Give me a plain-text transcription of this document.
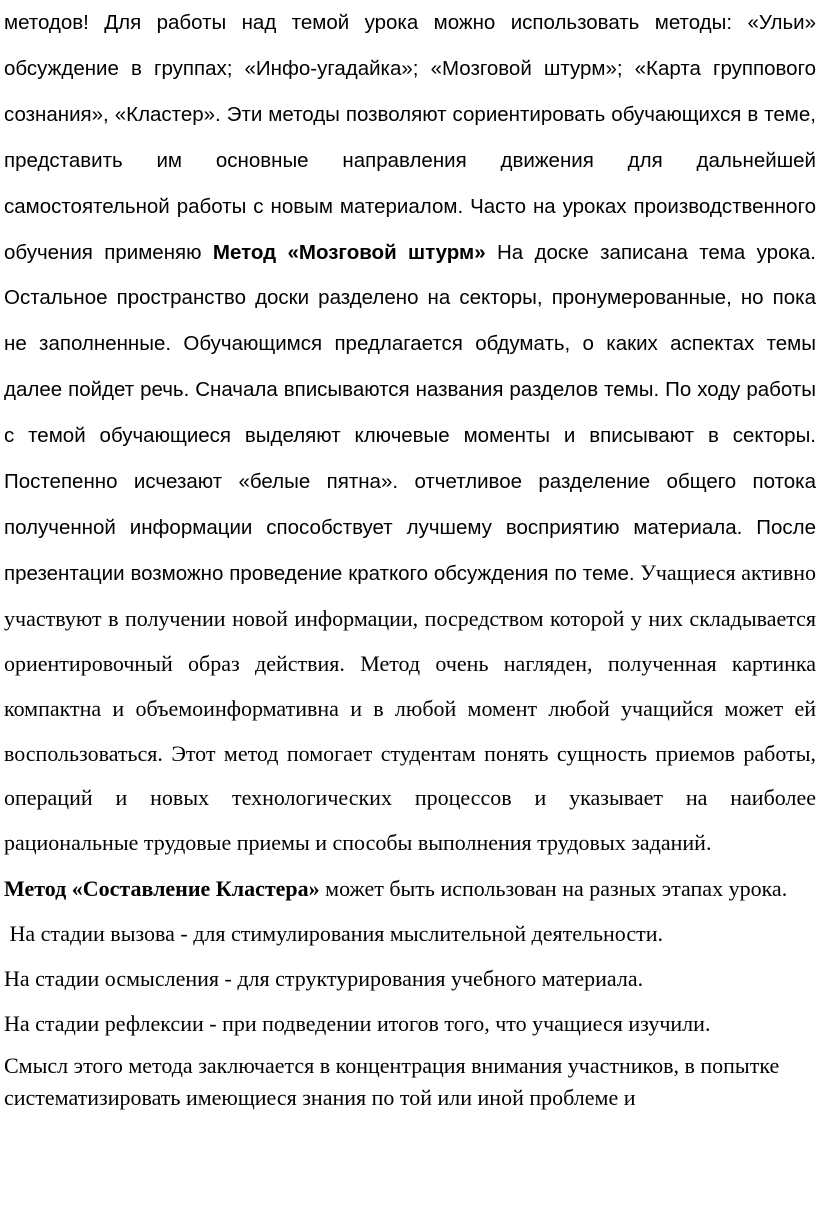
методов! Для работы над темой урока можно использовать методы: «Ульи» обсуждение в группах; «Инфо-угадайка»; «Мозговой штурм»; «Карта группового сознания», «Кластер». Эти методы позволяют сориентировать обучающихся в теме, представить им основные направления движения для дальнейшей самостоятельной работы с новым материалом. Часто на уроках производственного обучения применяю Метод «Мозговой штурм» На доске записана тема урока. Остальное пространство доски разделено на секторы, пронумерованные, но пока не заполненные. Обучающимся предлагается обдумать, о каких аспектах темы далее пойдет речь. Сначала вписываются названия разделов темы. По ходу работы с темой обучающиеся выделяют ключевые моменты и вписывают в секторы. Постепенно исчезают «белые пятна». отчетливое разделение общего потока полученной информации способствует лучшему восприятию материала. После презентации возможно проведение краткого обсуждения по теме. Учащиеся активно участвуют в получении новой информации, посредством которой у них складывается ориентировочный образ действия. Метод очень нагляден, полученная картинка компактна и объемоинформативна и в любой момент любой учащийся может ей воспользоваться. Этот метод помогает студентам понять сущность приемов работы, операций и новых технологических процессов и указывает на наиболее рациональные трудовые приемы и способы выполнения трудовых заданий.

Метод «Составление Кластера» может быть использован на разных этапах урока.

На стадии вызова - для стимулирования мыслительной деятельности.

На стадии осмысления - для структурирования учебного материала.

На стадии рефлексии - при подведении итогов того, что учащиеся изучили.

Смысл этого метода заключается в концентрация внимания участников, в попытке систематизировать имеющиеся знания по той или иной проблеме и
